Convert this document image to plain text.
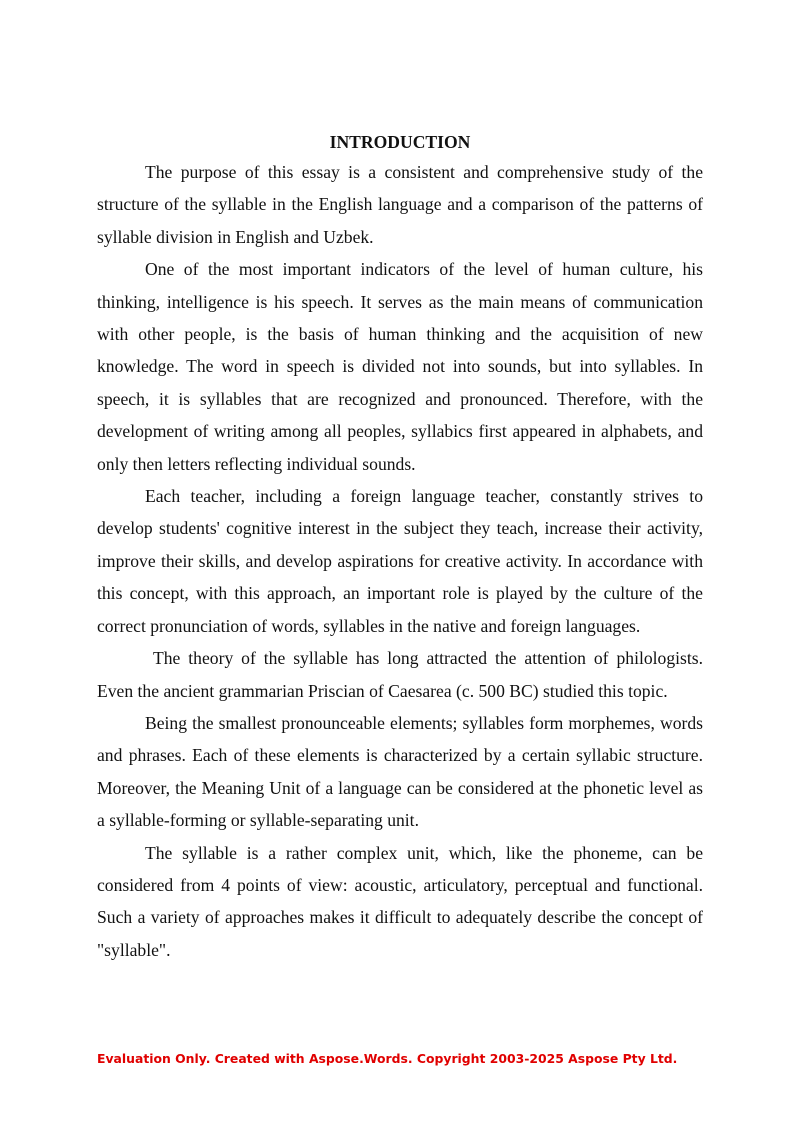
INTRODUCTION

The purpose of this essay is a consistent and comprehensive study of the structure of the syllable in the English language and a comparison of the patterns of syllable division in English and Uzbek.

One of the most important indicators of the level of human culture, his thinking, intelligence is his speech. It serves as the main means of communication with other people, is the basis of human thinking and the acquisition of new knowledge. The word in speech is divided not into sounds, but into syllables. In speech, it is syllables that are recognized and pronounced. Therefore, with the development of writing among all peoples, syllabics first appeared in alphabets, and only then letters reflecting individual sounds.

Each teacher, including a foreign language teacher, constantly strives to develop students' cognitive interest in the subject they teach, increase their activity, improve their skills, and develop aspirations for creative activity. In accordance with this concept, with this approach, an important role is played by the culture of the correct pronunciation of words, syllables in the native and foreign languages.

The theory of the syllable has long attracted the attention of philologists. Even the ancient grammarian Priscian of Caesarea (c. 500 BC) studied this topic.

Being the smallest pronounceable elements; syllables form morphemes, words and phrases. Each of these elements is characterized by a certain syllabic structure. Moreover, the Meaning Unit of a language can be considered at the phonetic level as a syllable-forming or syllable-separating unit.

The syllable is a rather complex unit, which, like the phoneme, can be considered from 4 points of view: acoustic, articulatory, perceptual and functional. Such a variety of approaches makes it difficult to adequately describe the concept of "syllable".

Evaluation Only. Created with Aspose.Words. Copyright 2003-2025 Aspose Pty Ltd.
